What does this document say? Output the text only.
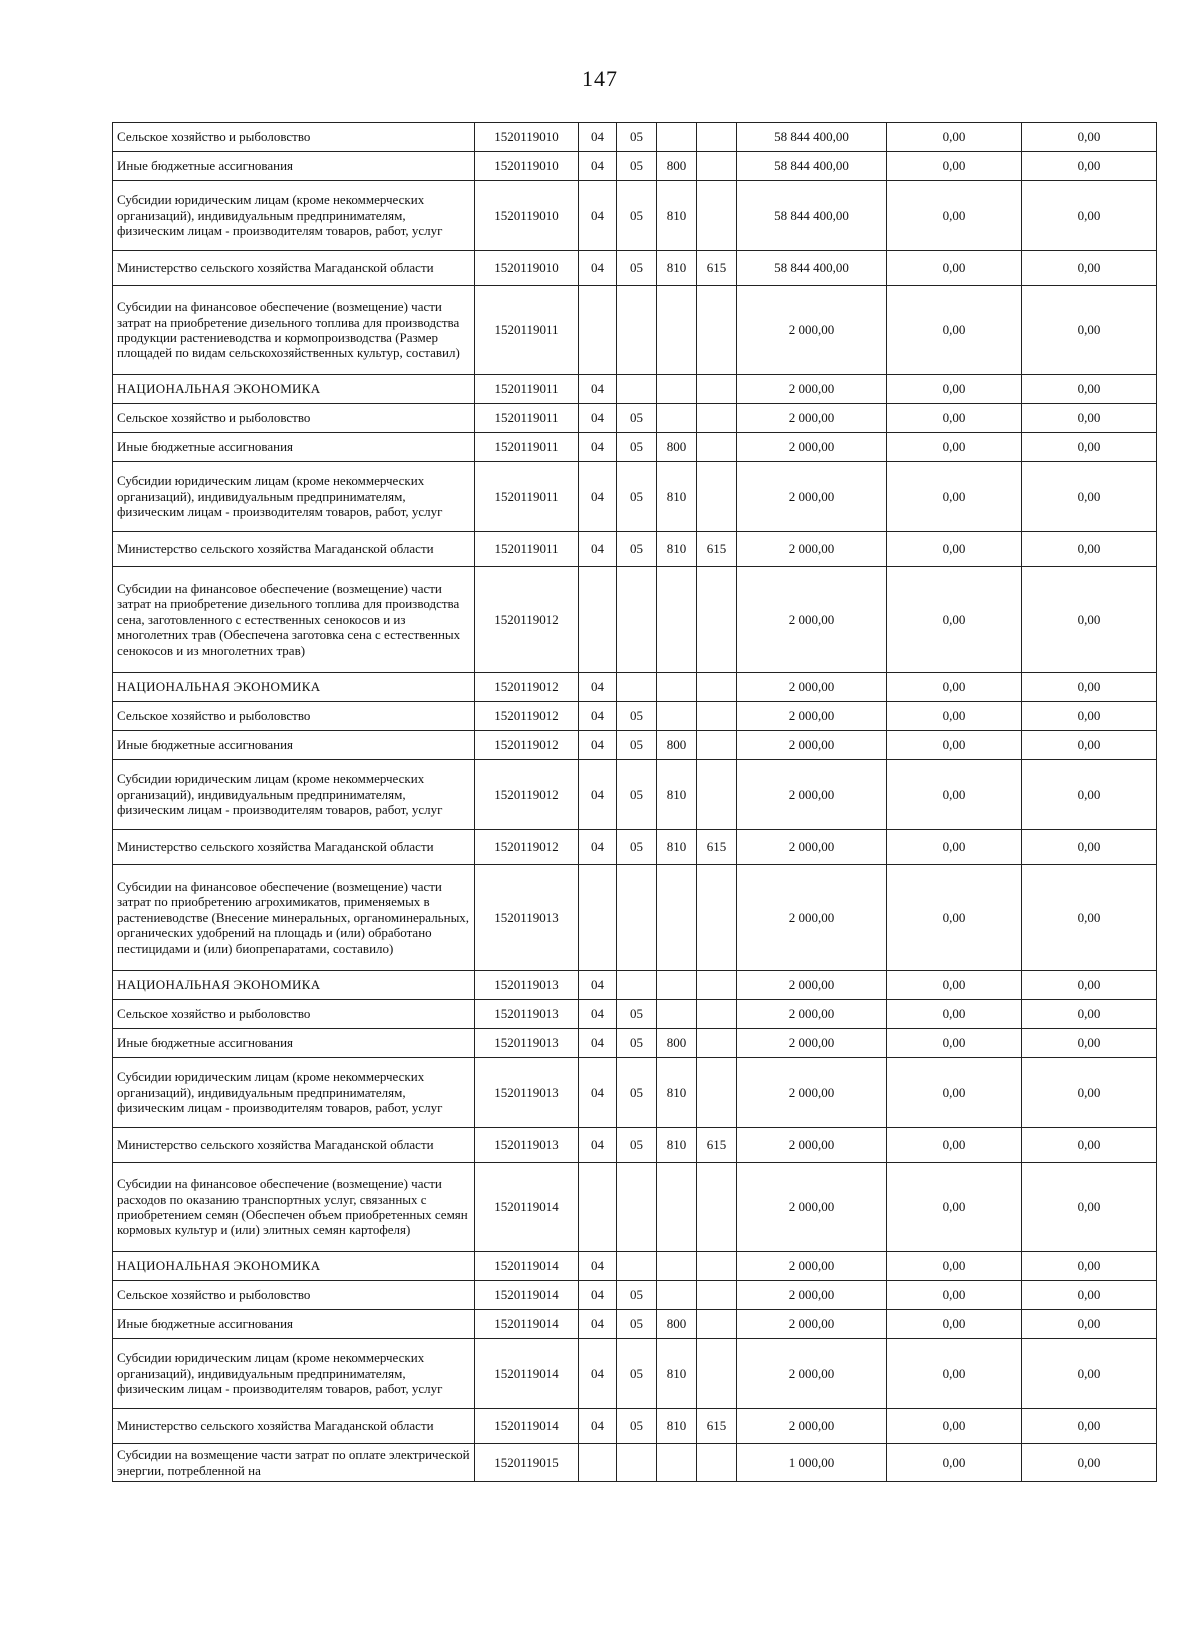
147
Сельское хозяйство и рыболовство	1520119010	04	05			58 844 400,00	0,00	0,00
Иные бюджетные ассигнования	1520119010	04	05	800		58 844 400,00	0,00	0,00
Субсидии юридическим лицам (кроме некоммерческих организаций), индивидуальным предпринимателям, физическим лицам - производителям товаров, работ, услуг	1520119010	04	05	810		58 844 400,00	0,00	0,00
Министерство сельского хозяйства Магаданской области	1520119010	04	05	810	615	58 844 400,00	0,00	0,00
Субсидии на финансовое обеспечение (возмещение) части затрат на приобретение дизельного топлива для производства продукции растениеводства и кормопроизводства (Размер площадей по видам сельскохозяйственных культур, составил)	1520119011					2 000,00	0,00	0,00
НАЦИОНАЛЬНАЯ ЭКОНОМИКА	1520119011	04				2 000,00	0,00	0,00
Сельское хозяйство и рыболовство	1520119011	04	05			2 000,00	0,00	0,00
Иные бюджетные ассигнования	1520119011	04	05	800		2 000,00	0,00	0,00
Субсидии юридическим лицам (кроме некоммерческих организаций), индивидуальным предпринимателям, физическим лицам - производителям товаров, работ, услуг	1520119011	04	05	810		2 000,00	0,00	0,00
Министерство сельского хозяйства Магаданской области	1520119011	04	05	810	615	2 000,00	0,00	0,00
Субсидии на финансовое обеспечение (возмещение) части затрат на приобретение дизельного топлива для производства сена, заготовленного с естественных сенокосов и из многолетних трав (Обеспечена заготовка сена с естественных сенокосов и из многолетних трав)	1520119012					2 000,00	0,00	0,00
НАЦИОНАЛЬНАЯ ЭКОНОМИКА	1520119012	04				2 000,00	0,00	0,00
Сельское хозяйство и рыболовство	1520119012	04	05			2 000,00	0,00	0,00
Иные бюджетные ассигнования	1520119012	04	05	800		2 000,00	0,00	0,00
Субсидии юридическим лицам (кроме некоммерческих организаций), индивидуальным предпринимателям, физическим лицам - производителям товаров, работ, услуг	1520119012	04	05	810		2 000,00	0,00	0,00
Министерство сельского хозяйства Магаданской области	1520119012	04	05	810	615	2 000,00	0,00	0,00
Субсидии на финансовое обеспечение (возмещение) части затрат по приобретению агрохимикатов, применяемых в растениеводстве (Внесение минеральных, органоминеральных, органических удобрений на площадь и (или) обработано пестицидами и (или) биопрепаратами, составило)	1520119013					2 000,00	0,00	0,00
НАЦИОНАЛЬНАЯ ЭКОНОМИКА	1520119013	04				2 000,00	0,00	0,00
Сельское хозяйство и рыболовство	1520119013	04	05			2 000,00	0,00	0,00
Иные бюджетные ассигнования	1520119013	04	05	800		2 000,00	0,00	0,00
Субсидии юридическим лицам (кроме некоммерческих организаций), индивидуальным предпринимателям, физическим лицам - производителям товаров, работ, услуг	1520119013	04	05	810		2 000,00	0,00	0,00
Министерство сельского хозяйства Магаданской области	1520119013	04	05	810	615	2 000,00	0,00	0,00
Субсидии на финансовое обеспечение (возмещение) части расходов по оказанию транспортных услуг, связанных с приобретением семян (Обеспечен объем приобретенных семян кормовых культур и (или) элитных семян картофеля)	1520119014					2 000,00	0,00	0,00
НАЦИОНАЛЬНАЯ ЭКОНОМИКА	1520119014	04				2 000,00	0,00	0,00
Сельское хозяйство и рыболовство	1520119014	04	05			2 000,00	0,00	0,00
Иные бюджетные ассигнования	1520119014	04	05	800		2 000,00	0,00	0,00
Субсидии юридическим лицам (кроме некоммерческих организаций), индивидуальным предпринимателям, физическим лицам - производителям товаров, работ, услуг	1520119014	04	05	810		2 000,00	0,00	0,00
Министерство сельского хозяйства Магаданской области	1520119014	04	05	810	615	2 000,00	0,00	0,00
Субсидии на возмещение части затрат по оплате электрической энергии, потребленной на	1520119015					1 000,00	0,00	0,00
